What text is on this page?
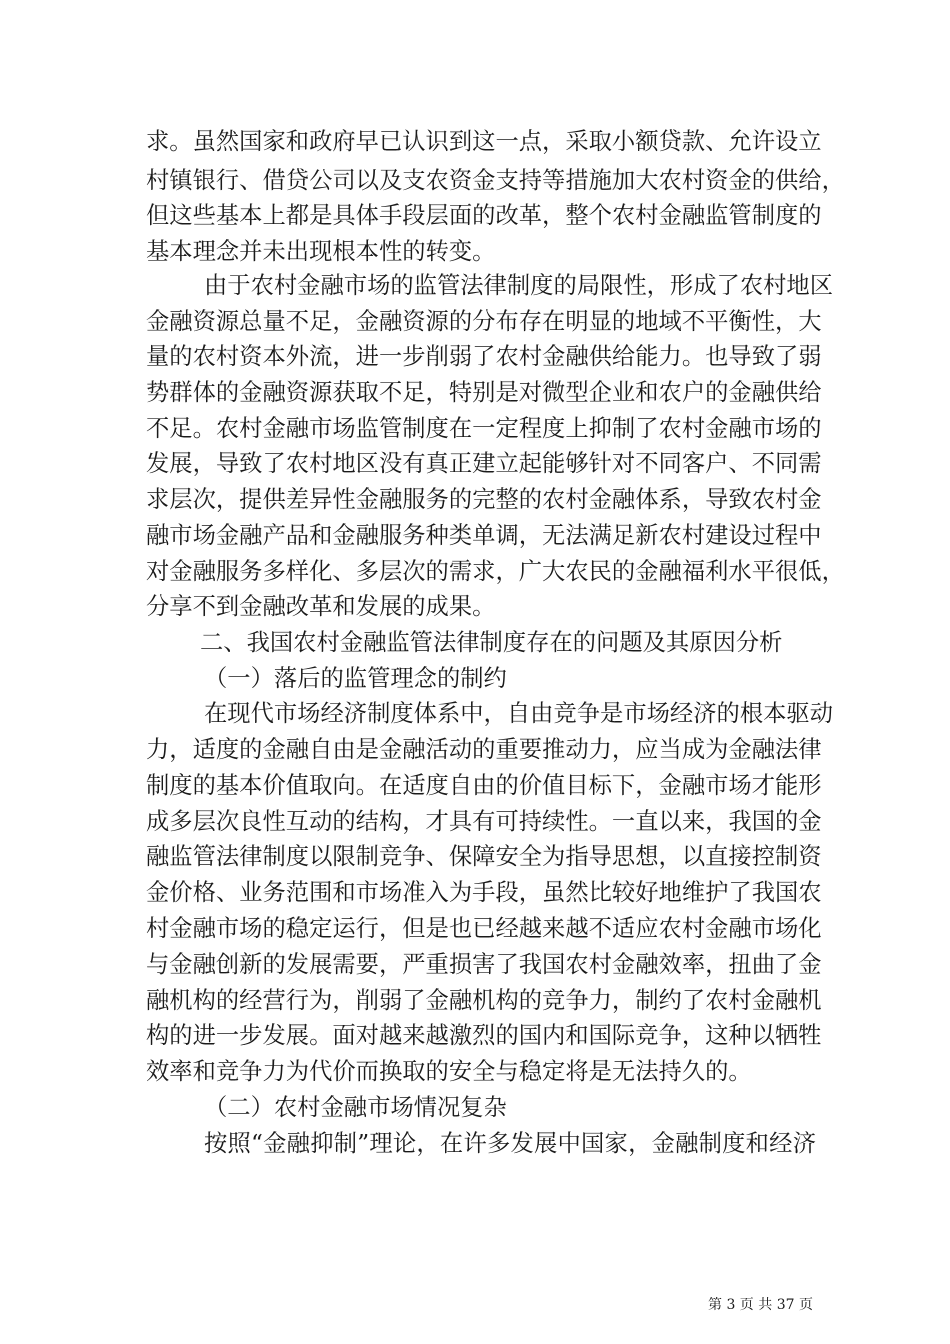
求。虽然国家和政府早已认识到这一点，采取小额贷款、允许设立
村镇银行、借贷公司以及支农资金支持等措施加大农村资金的供给，
但这些基本上都是具体手段层面的改革，整个农村金融监管制度的
基本理念并未出现根本性的转变。
由于农村金融市场的监管法律制度的局限性，形成了农村地区
金融资源总量不足，金融资源的分布存在明显的地域不平衡性，大
量的农村资本外流，进一步削弱了农村金融供给能力。也导致了弱
势群体的金融资源获取不足，特别是对微型企业和农户的金融供给
不足。农村金融市场监管制度在一定程度上抑制了农村金融市场的
发展，导致了农村地区没有真正建立起能够针对不同客户、不同需
求层次，提供差异性金融服务的完整的农村金融体系，导致农村金
融市场金融产品和金融服务种类单调，无法满足新农村建设过程中
对金融服务多样化、多层次的需求，广大农民的金融福利水平很低，
分享不到金融改革和发展的成果。
二、我国农村金融监管法律制度存在的问题及其原因分析
（一）落后的监管理念的制约
在现代市场经济制度体系中，自由竞争是市场经济的根本驱动
力，适度的金融自由是金融活动的重要推动力，应当成为金融法律
制度的基本价值取向。在适度自由的价值目标下，金融市场才能形
成多层次良性互动的结构，才具有可持续性。一直以来，我国的金
融监管法律制度以限制竞争、保障安全为指导思想，以直接控制资
金价格、业务范围和市场准入为手段，虽然比较好地维护了我国农
村金融市场的稳定运行，但是也已经越来越不适应农村金融市场化
与金融创新的发展需要，严重损害了我国农村金融效率，扭曲了金
融机构的经营行为，削弱了金融机构的竞争力，制约了农村金融机
构的进一步发展。面对越来越激烈的国内和国际竞争，这种以牺牲
效率和竞争力为代价而换取的安全与稳定将是无法持久的。
（二）农村金融市场情况复杂
按照“金融抑制”理论，在许多发展中国家，金融制度和经济
第 3 页 共 37 页
